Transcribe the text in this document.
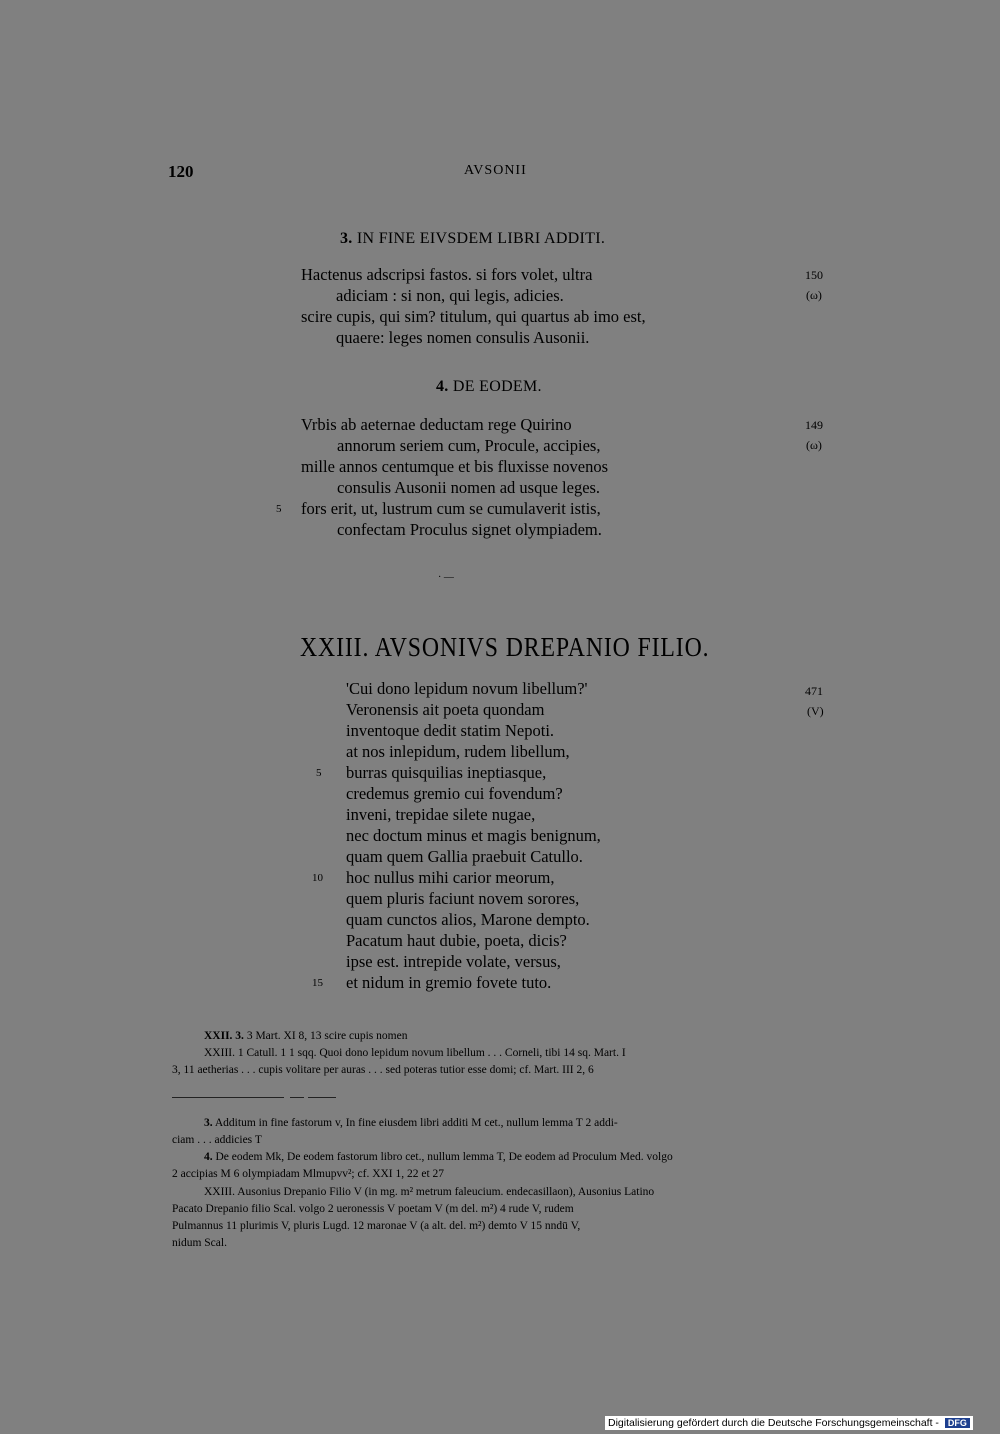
120	AVSONII
3. IN FINE EIVSDEM LIBRI ADDITI.
Hactenus adscripsi fastos. si fors volet, ultra
adiciam : si non, qui legis, adicies.
scire cupis, qui sim? titulum, qui quartus ab imo est,
quaere: leges nomen consulis Ausonii.
150
(ω)
4. DE EODEM.
Vrbis ab aeternae deductam rege Quirino
annorum seriem cum, Procule, accipies,
mille annos centumque et bis fluxisse novenos
consulis Ausonii nomen ad usque leges.
fors erit, ut, lustrum cum se cumulaverit istis,
confectam Proculus signet olympiadem.
5
149
(ω)
· —
XXIII. AVSONIVS DREPANIO FILIO.
471
(V)
'Cui dono lepidum novum libellum?'
Veronensis ait poeta quondam
inventoque dedit statim Nepoti.
at nos inlepidum, rudem libellum,
burras quisquilias ineptiasque,
credemus gremio cui fovendum?
inveni, trepidae silete nugae,
nec doctum minus et magis benignum,
quam quem Gallia praebuit Catullo.
hoc nullus mihi carior meorum,
quem pluris faciunt novem sorores,
quam cunctos alios, Marone dempto.
Pacatum haut dubie, poeta, dicis?
ipse est. intrepide volate, versus,
et nidum in gremio fovete tuto.
5
10
15
XXII. 3. 3 Mart. XI 8, 13 scire cupis nomen
XXIII. 1 Catull. 1 1 sqq. Quoi dono lepidum novum libellum . . . Corneli, tibi 14 sq. Mart. I
3, 11 aetherias . . . cupis volitare per auras . . . sed poteras tutior esse domi; cf. Mart. III 2, 6
3. Additum in fine fastorum v, In fine eiusdem libri additi M cet., nullum lemma T 2 addi-
ciam . . . addicies T
4. De eodem Mk, De eodem fastorum libro cet., nullum lemma T, De eodem ad Proculum Med. volgo
2 accipias M 6 olympiadam Mlmupvv²; cf. XXI 1, 22 et 27
XXIII. Ausonius Drepanio Filio V (in mg. m² metrum faleucium. endecasillaon), Ausonius Latino
Pacato Drepanio filio Scal. volgo 2 ueronessis V poetam V (m del. m²) 4 rude V, rudem
Pulmannus 11 plurimis V, pluris Lugd. 12 maronae V (a alt. del. m²) demto V 15 nndū V,
nidum Scal.
Digitalisierung gefördert durch die Deutsche Forschungsgemeinschaft - DFG
